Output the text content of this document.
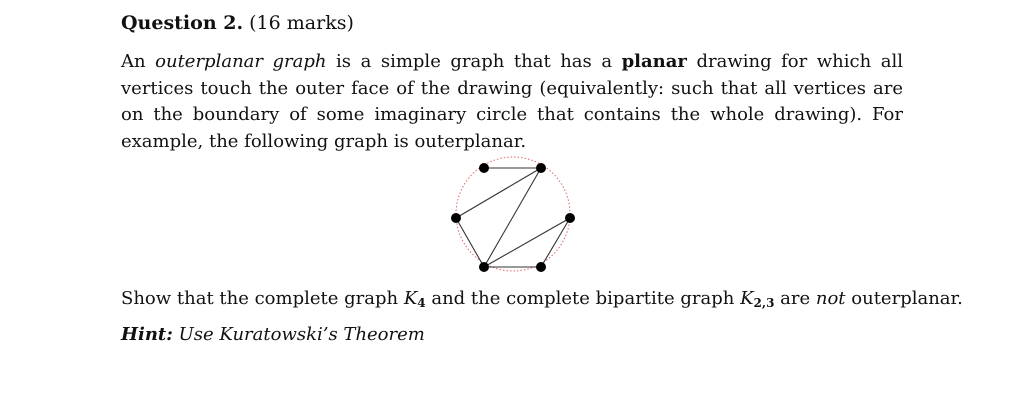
Question 2. (16 marks)

An outerplanar graph is a simple graph that has a planar drawing for which all vertices touch the outer face of the drawing (equivalently: such that all vertices are on the boundary of some imaginary circle that contains the whole drawing). For example, the following graph is outerplanar.

Show that the complete graph $K_4$ and the complete bipartite graph $K_{2,3}$ are not outerplanar.

Hint: Use Kuratowski’s Theorem
